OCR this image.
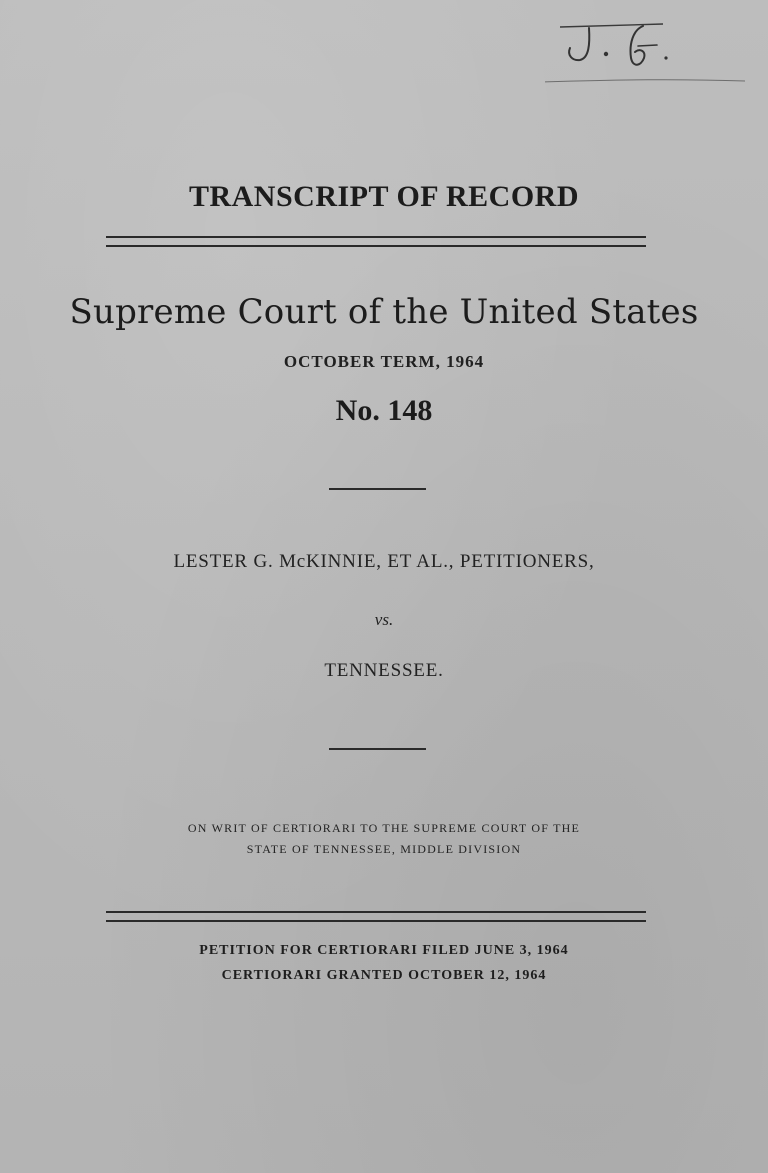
TRANSCRIPT OF RECORD
Supreme Court of the United States
OCTOBER TERM, 1964
No. 148
LESTER G. McKINNIE, ET AL., PETITIONERS,
vs.
TENNESSEE.
ON WRIT OF CERTIORARI TO THE SUPREME COURT OF THE
STATE OF TENNESSEE, MIDDLE DIVISION
PETITION FOR CERTIORARI FILED JUNE 3, 1964
CERTIORARI GRANTED OCTOBER 12, 1964
